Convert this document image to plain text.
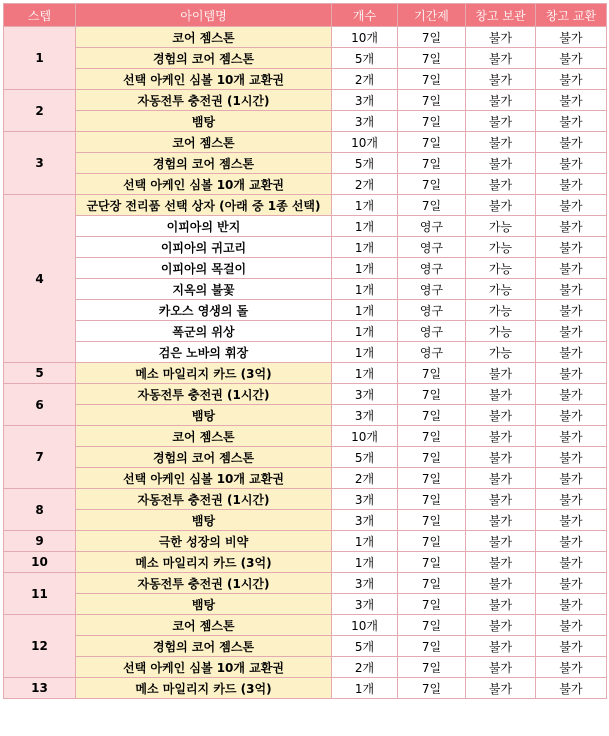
스텝	아이템명	개수	기간제	창고 보관	창고 교환
1	코어 젬스톤	10개	7일	불가	불가
	경험의 코어 젬스톤	5개	7일	불가	불가
	선택 아케인 심볼 10개 교환권	2개	7일	불가	불가
2	자동전투 충전권 (1시간)	3개	7일	불가	불가
	뱀탕	3개	7일	불가	불가
3	코어 젬스톤	10개	7일	불가	불가
	경험의 코어 젬스톤	5개	7일	불가	불가
	선택 아케인 심볼 10개 교환권	2개	7일	불가	불가
4	군단장 전리품 선택 상자 (아래 중 1종 선택)	1개	7일	불가	불가
	이피아의 반지	1개	영구	가능	불가
	이피아의 귀고리	1개	영구	가능	불가
	이피아의 목걸이	1개	영구	가능	불가
	지옥의 불꽃	1개	영구	가능	불가
	카오스 영생의 돌	1개	영구	가능	불가
	폭군의 위상	1개	영구	가능	불가
	검은 노바의 휘장	1개	영구	가능	불가
5	메소 마일리지 카드 (3억)	1개	7일	불가	불가
6	자동전투 충전권 (1시간)	3개	7일	불가	불가
	뱀탕	3개	7일	불가	불가
7	코어 젬스톤	10개	7일	불가	불가
	경험의 코어 젬스톤	5개	7일	불가	불가
	선택 아케인 심볼 10개 교환권	2개	7일	불가	불가
8	자동전투 충전권 (1시간)	3개	7일	불가	불가
	뱀탕	3개	7일	불가	불가
9	극한 성장의 비약	1개	7일	불가	불가
10	메소 마일리지 카드 (3억)	1개	7일	불가	불가
11	자동전투 충전권 (1시간)	3개	7일	불가	불가
	뱀탕	3개	7일	불가	불가
12	코어 젬스톤	10개	7일	불가	불가
	경험의 코어 젬스톤	5개	7일	불가	불가
	선택 아케인 심볼 10개 교환권	2개	7일	불가	불가
13	메소 마일리지 카드 (3억)	1개	7일	불가	불가
